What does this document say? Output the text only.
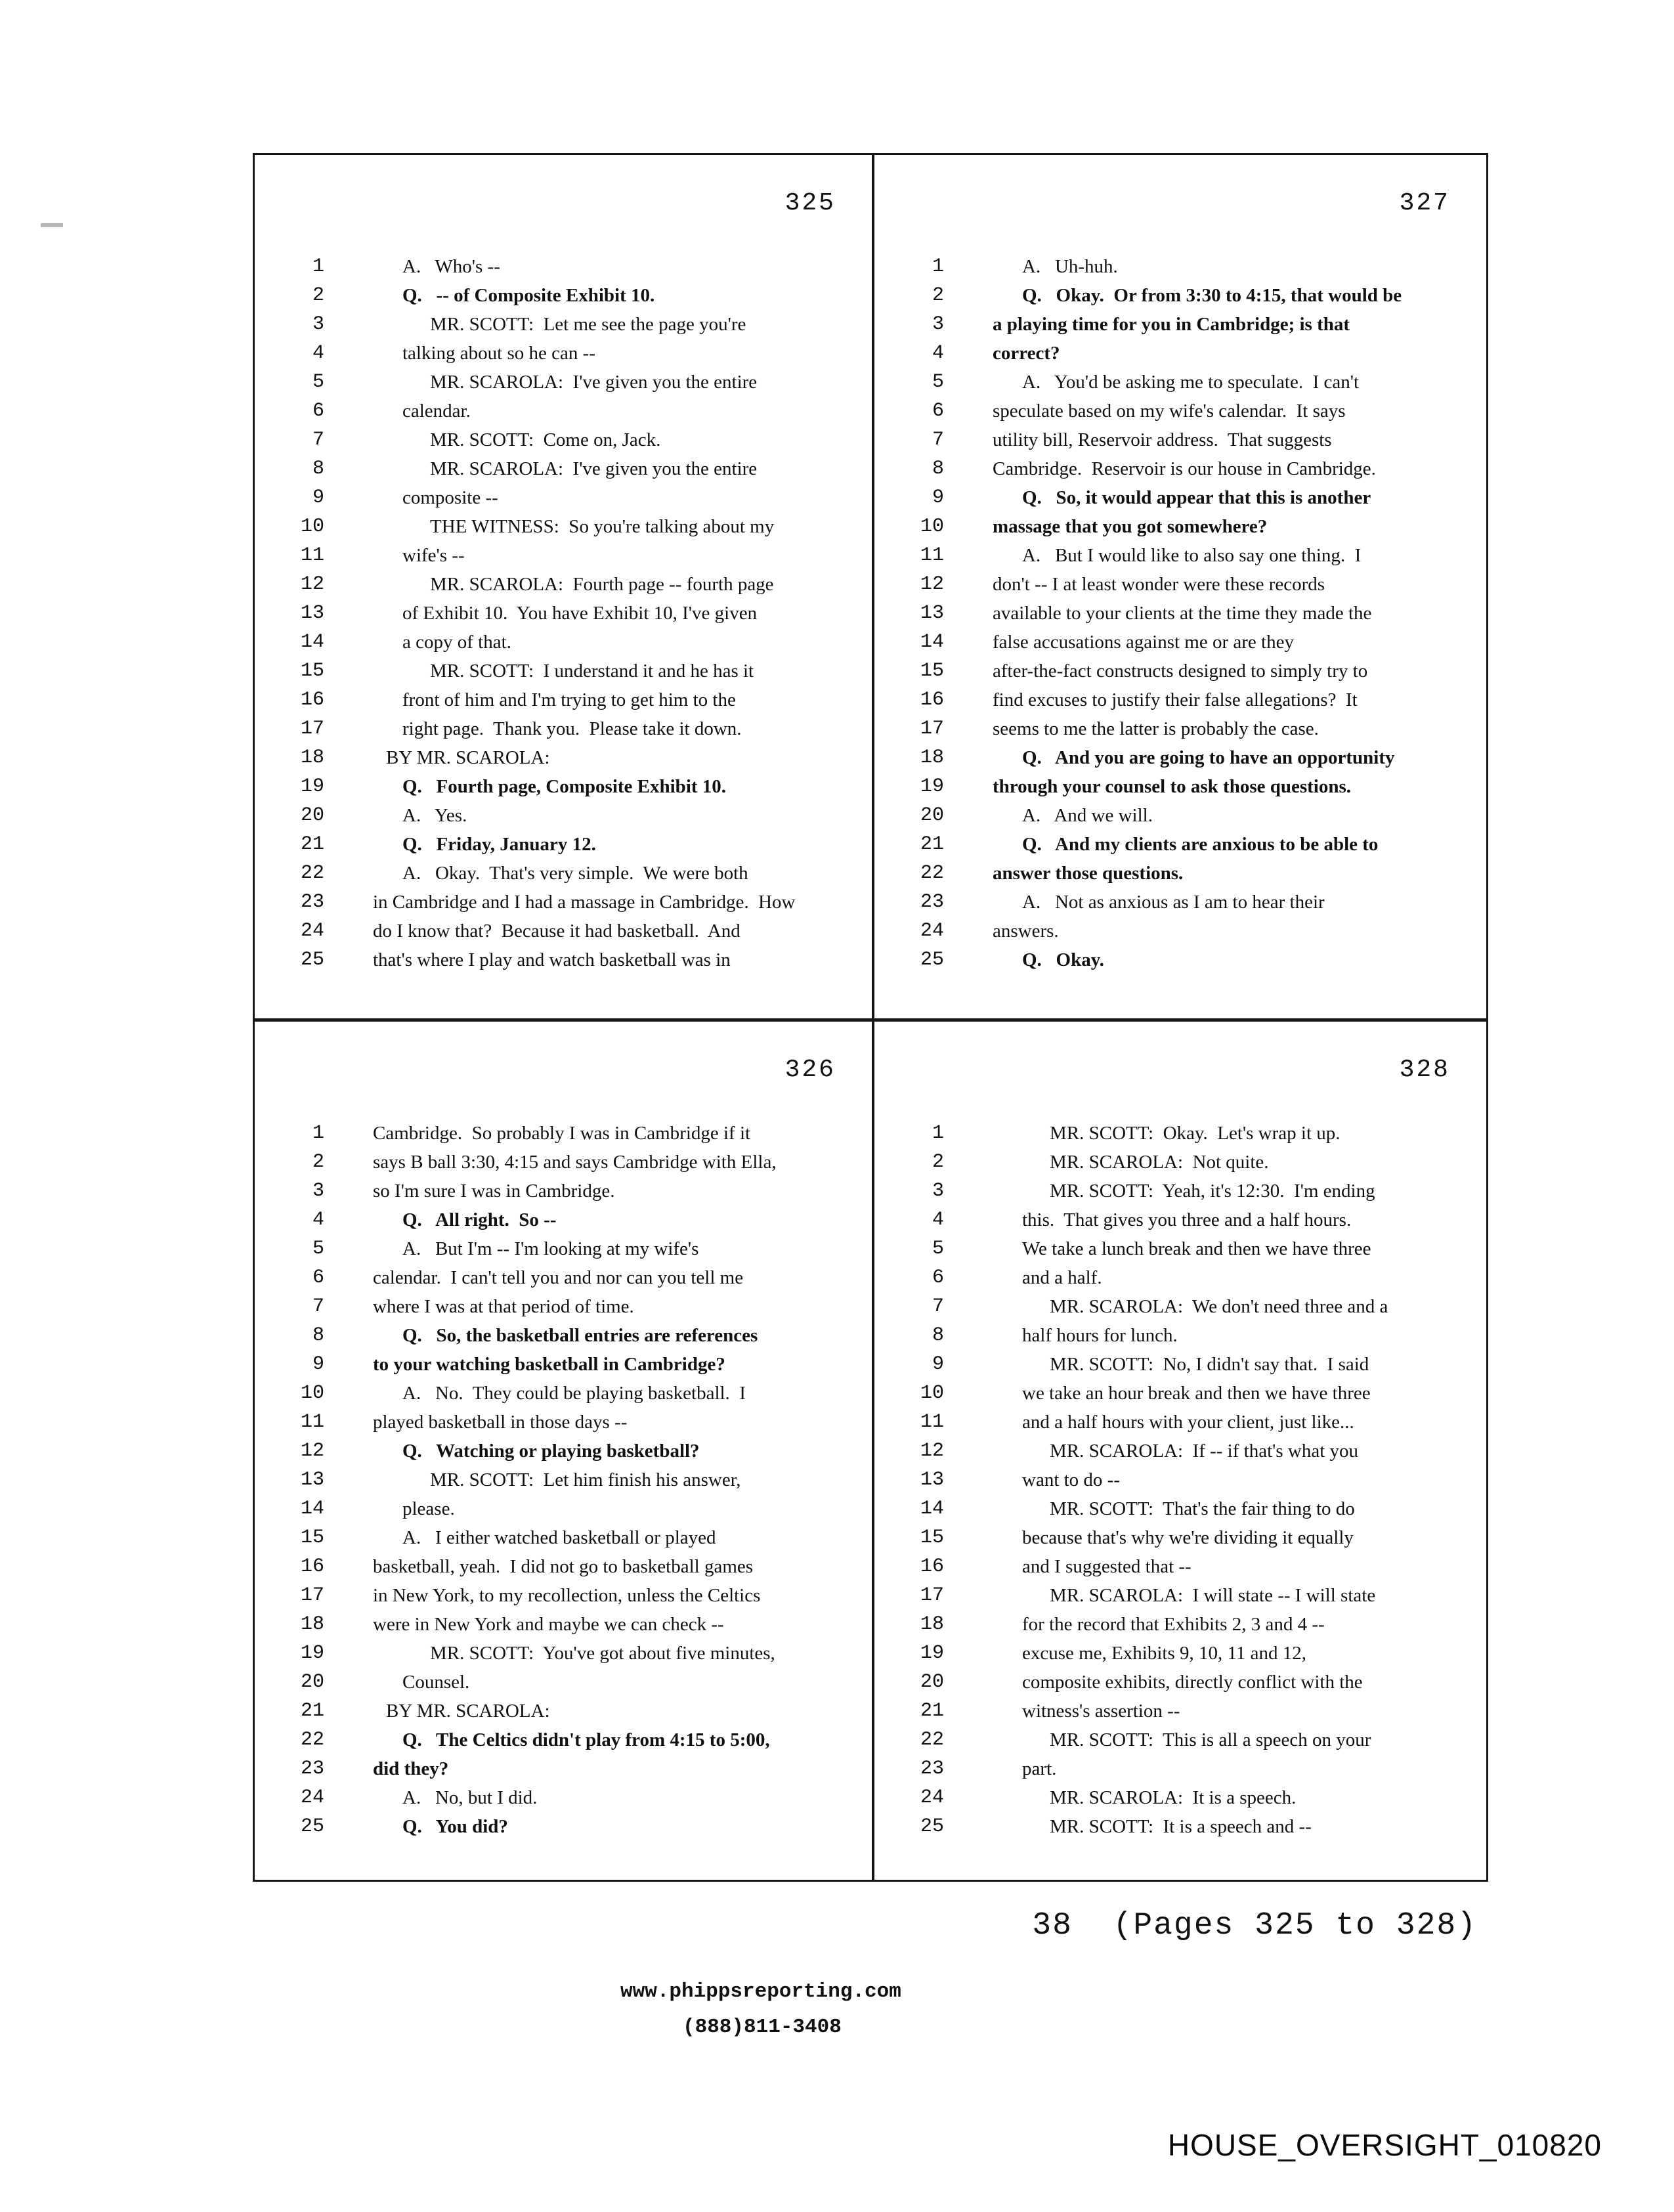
325
1	A.   Who's --
2	Q.   -- of Composite Exhibit 10.
3	MR. SCOTT:  Let me see the page you're
4	talking about so he can --
5	MR. SCAROLA:  I've given you the entire
6	calendar.
7	MR. SCOTT:  Come on, Jack.
8	MR. SCAROLA:  I've given you the entire
9	composite --
10	THE WITNESS:  So you're talking about my
11	wife's --
12	MR. SCAROLA:  Fourth page -- fourth page
13	of Exhibit 10.  You have Exhibit 10, I've given
14	a copy of that.
15	MR. SCOTT:  I understand it and he has it
16	front of him and I'm trying to get him to the
17	right page.  Thank you.  Please take it down.
18	BY MR. SCAROLA:
19	Q.   Fourth page, Composite Exhibit 10.
20	A.   Yes.
21	Q.   Friday, January 12.
22	A.   Okay.  That's very simple.  We were both
23	in Cambridge and I had a massage in Cambridge.  How
24	do I know that?  Because it had basketball.  And
25	that's where I play and watch basketball was in
327
1	A.   Uh-huh.
2	Q.   Okay.  Or from 3:30 to 4:15, that would be
3	a playing time for you in Cambridge; is that
4	correct?
5	A.   You'd be asking me to speculate.  I can't
6	speculate based on my wife's calendar.  It says
7	utility bill, Reservoir address.  That suggests
8	Cambridge.  Reservoir is our house in Cambridge.
9	Q.   So, it would appear that this is another
10	massage that you got somewhere?
11	A.   But I would like to also say one thing.  I
12	don't -- I at least wonder were these records
13	available to your clients at the time they made the
14	false accusations against me or are they
15	after-the-fact constructs designed to simply try to
16	find excuses to justify their false allegations?  It
17	seems to me the latter is probably the case.
18	Q.   And you are going to have an opportunity
19	through your counsel to ask those questions.
20	A.   And we will.
21	Q.   And my clients are anxious to be able to
22	answer those questions.
23	A.   Not as anxious as I am to hear their
24	answers.
25	Q.   Okay.
326
1	Cambridge.  So probably I was in Cambridge if it
2	says B ball 3:30, 4:15 and says Cambridge with Ella,
3	so I'm sure I was in Cambridge.
4	Q.   All right.  So --
5	A.   But I'm -- I'm looking at my wife's
6	calendar.  I can't tell you and nor can you tell me
7	where I was at that period of time.
8	Q.   So, the basketball entries are references
9	to your watching basketball in Cambridge?
10	A.   No.  They could be playing basketball.  I
11	played basketball in those days --
12	Q.   Watching or playing basketball?
13	MR. SCOTT:  Let him finish his answer,
14	please.
15	A.   I either watched basketball or played
16	basketball, yeah.  I did not go to basketball games
17	in New York, to my recollection, unless the Celtics
18	were in New York and maybe we can check --
19	MR. SCOTT:  You've got about five minutes,
20	Counsel.
21	BY MR. SCAROLA:
22	Q.   The Celtics didn't play from 4:15 to 5:00,
23	did they?
24	A.   No, but I did.
25	Q.   You did?
328
1	MR. SCOTT:  Okay.  Let's wrap it up.
2	MR. SCAROLA:  Not quite.
3	MR. SCOTT:  Yeah, it's 12:30.  I'm ending
4	this.  That gives you three and a half hours.
5	We take a lunch break and then we have three
6	and a half.
7	MR. SCAROLA:  We don't need three and a
8	half hours for lunch.
9	MR. SCOTT:  No, I didn't say that.  I said
10	we take an hour break and then we have three
11	and a half hours with your client, just like...
12	MR. SCAROLA:  If -- if that's what you
13	want to do --
14	MR. SCOTT:  That's the fair thing to do
15	because that's why we're dividing it equally
16	and I suggested that --
17	MR. SCAROLA:  I will state -- I will state
18	for the record that Exhibits 2, 3 and 4 --
19	excuse me, Exhibits 9, 10, 11 and 12,
20	composite exhibits, directly conflict with the
21	witness's assertion --
22	MR. SCOTT:  This is all a speech on your
23	part.
24	MR. SCAROLA:  It is a speech.
25	MR. SCOTT:  It is a speech and --
38  (Pages 325 to 328)
www.phippsreporting.com
(888)811-3408
HOUSE_OVERSIGHT_010820
